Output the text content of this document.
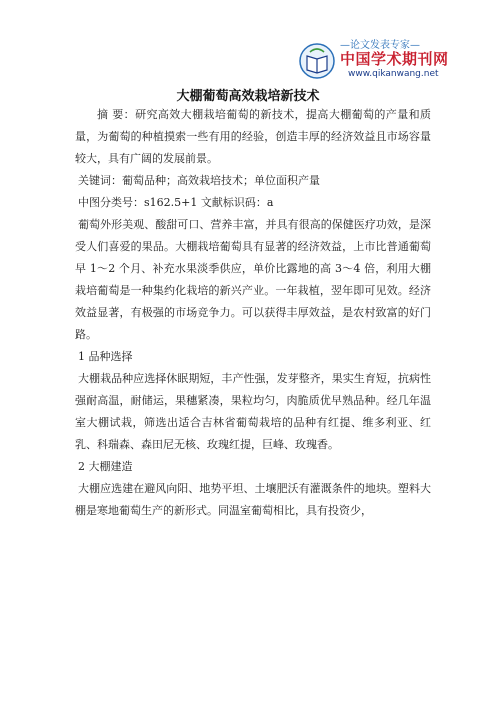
—论文发表专家—
中国学术期刊网
www.qikanwang.net
大棚葡萄高效栽培新技术

摘 要：研究高效大棚栽培葡萄的新技术，提高大棚葡萄的产量和质量，为葡萄的种植摸索一些有用的经验，创造丰厚的经济效益且市场容量较大，具有广阔的发展前景。

关键词：葡萄品种；高效栽培技术；单位面积产量

中图分类号：s162.5+1 文献标识码：a

葡萄外形美观、酸甜可口、营养丰富，并具有很高的保健医疗功效，是深受人们喜爱的果品。大棚栽培葡萄具有显著的经济效益，上市比普通葡萄早 1～2 个月、补充水果淡季供应，单价比露地的高 3～4 倍，利用大棚栽培葡萄是一种集约化栽培的新兴产业。一年栽植，翌年即可见效。经济效益显著，有极强的市场竞争力。可以获得丰厚效益，是农村致富的好门路。

1 品种选择

大棚栽品种应选择休眠期短，丰产性强，发芽整齐，果实生育短，抗病性强耐高温，耐储运，果穗紧凑，果粒均匀，肉脆质优早熟品种。经几年温室大棚试栽，筛选出适合吉林省葡萄栽培的品种有红提、维多利亚、红乳、科瑞森、森田尼无核、玫瑰红提，巨峰、玫瑰香。

2 大棚建造

大棚应选建在避风向阳、地势平坦、土壤肥沃有灌溉条件的地块。塑料大棚是寒地葡萄生产的新形式。同温室葡萄相比，具有投资少，
